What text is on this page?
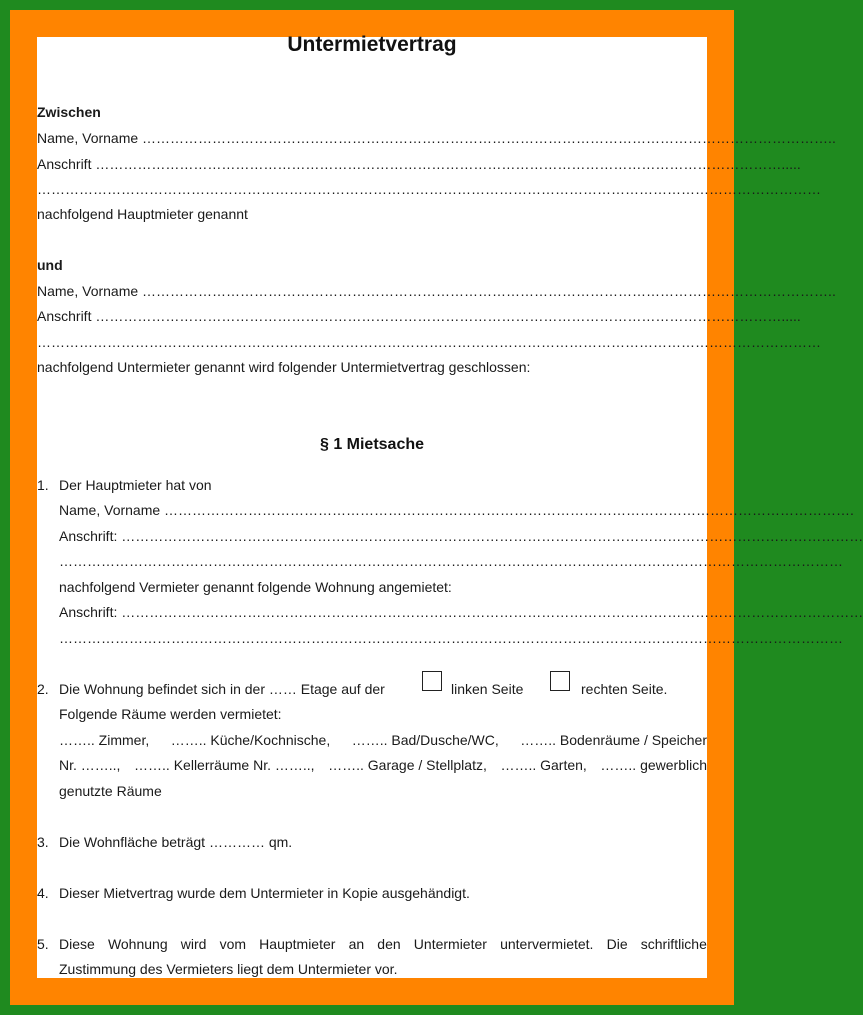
Untermietvertrag
Zwischen
Name, Vorname …………………………………………………………………………………………………………………………………..
Anschrift ………………………………………………………………………………………………………………………………….....
……………………………………………………………………………………………………………………………………………………
nachfolgend Hauptmieter genannt
und
Name, Vorname …………………………………………………………………………………………………………………………………..
Anschrift ………………………………………………………………………………………………………………………………….....
……………………………………………………………………………………………………………………………………………………
nachfolgend Untermieter genannt wird folgender Untermietvertrag geschlossen:
§ 1 Mietsache
1. Der Hauptmieter hat von
Name, Vorname ………………………………………………………………………………………………………………………………….
Anschrift: ……………………………………………………………………………………………………………………………………………
……………………………………………………………………………………………………………………………………………………
nachfolgend Vermieter genannt folgende Wohnung angemietet:
Anschrift: ……………………………………………………………………………………………………………………………………………
……………………………………………………………………………………………………………………………………………………
2. Die Wohnung befindet sich in der …… Etage auf der	linken Seite	rechten Seite.
Folgende Räume werden vermietet:
…….. Zimmer, …….. Küche/Kochnische, …….. Bad/Dusche/WC, …….. Bodenräume / Speicher
Nr. …….., …….. Kellerräume Nr. …….., …….. Garage / Stellplatz, …….. Garten, …….. gewerblich
genutzte Räume
3. Die Wohnfläche beträgt ………… qm.
4. Dieser Mietvertrag wurde dem Untermieter in Kopie ausgehändigt.
5. Diese Wohnung wird vom Hauptmieter an den Untermieter untervermietet. Die schriftliche
Zustimmung des Vermieters liegt dem Untermieter vor.
